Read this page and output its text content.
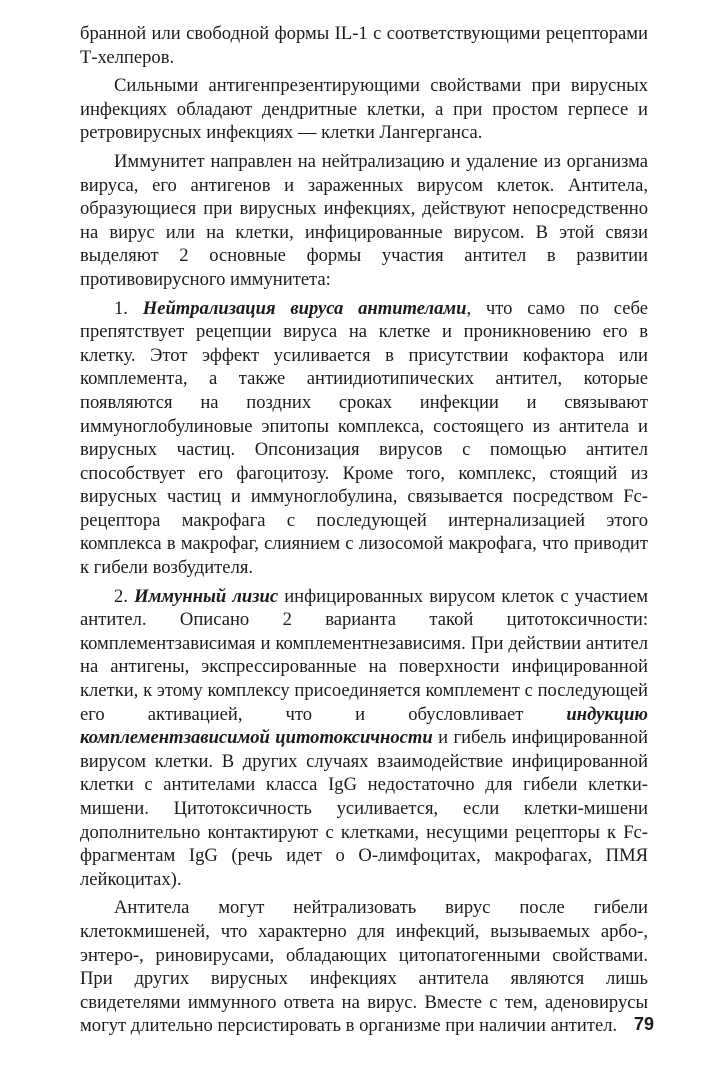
бранной или свободной формы IL-1 с соответствующими рецепторами Т-хелперов.

Сильными антигенпрезентирующими свойствами при вирусных инфекциях обладают дендритные клетки, а при простом герпесе и ретровирусных инфекциях — клетки Лангерганса.

Иммунитет направлен на нейтрализацию и удаление из организма вируса, его антигенов и зараженных вирусом клеток. Антитела, образующиеся при вирусных инфекциях, действуют непосредственно на вирус или на клетки, инфицированные вирусом. В этой связи выделяют 2 основные формы участия антител в развитии противовирусного иммунитета:

1. Нейтрализация вируса антителами, что само по себе препятствует рецепции вируса на клетке и проникновению его в клетку. Этот эффект усиливается в присутствии кофактора или комплемента, а также антиидиотипических антител, которые появляются на поздних сроках инфекции и связывают иммуноглобулиновые эпитопы комплекса, состоящего из антитела и вирусных частиц. Опсонизация вирусов с помощью антител способствует его фагоцитозу. Кроме того, комплекс, стоящий из вирусных частиц и иммуноглобулина, связывается посредством Fc-рецептора макрофага с последующей интернализацией этого комплекса в макрофаг, слиянием с лизосомой макрофага, что приводит к гибели возбудителя.

2. Иммунный лизис инфицированных вирусом клеток с участием антител. Описано 2 варианта такой цитотоксичности: комплементзависимая и комплементнезависимя. При действии антител на антигены, экспрессированные на поверхности инфицированной клетки, к этому комплексу присоединяется комплемент с последующей его активацией, что и обусловливает индукцию комплементзависимой цитотоксичности и гибель инфицированной вирусом клетки. В других случаях взаимодействие инфицированной клетки с антителами класса IgG недостаточно для гибели клетки-мишени. Цитотоксичность усиливается, если клетки-мишени дополнительно контактируют с клетками, несущими рецепторы к Fc-фрагментам IgG (речь идет о О-лимфоцитах, макрофагах, ПМЯ лейкоцитах).

Антитела могут нейтрализовать вирус после гибели клетокмишеней, что характерно для инфекций, вызываемых арбо-, энтеро-, риновирусами, обладающих цитопатогенными свойствами. При других вирусных инфекциях антитела являются лишь свидетелями иммунного ответа на вирус. Вместе с тем, аденовирусы могут длительно персистировать в организме при наличии антител. 79
